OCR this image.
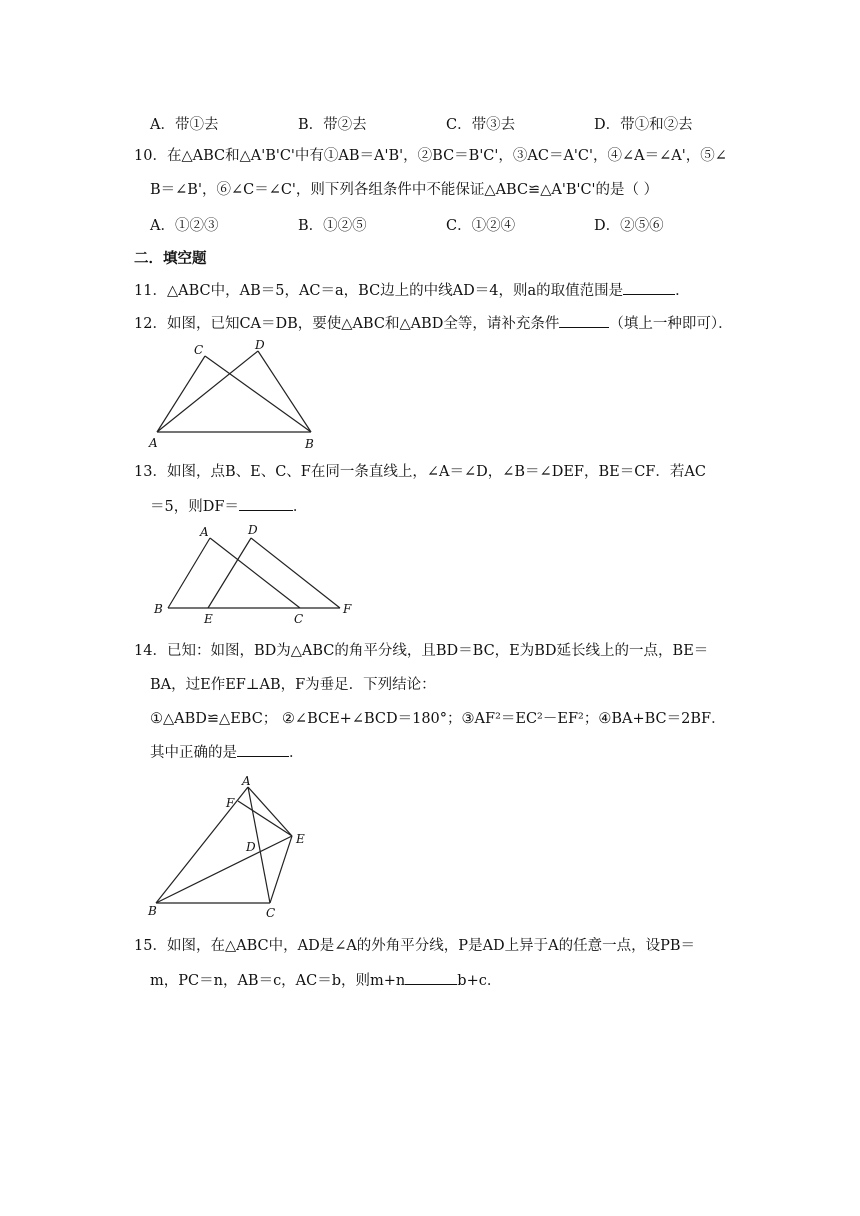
A．带①去	B．带②去	C．带③去	D．带①和②去
10．在△ABC和△A'B'C'中有①AB＝A'B'，②BC＝B'C'，③AC＝A'C'，④∠A＝∠A'，⑤∠
B＝∠B'，⑥∠C＝∠C'，则下列各组条件中不能保证△ABC≌△A'B'C'的是（ ）
A．①②③	B．①②⑤	C．①②④	D．②⑤⑥
二．填空题
11．△ABC中，AB＝5，AC＝a，BC边上的中线AD＝4，则a的取值范围是	．
12．如图，已知CA＝DB，要使△ABC和△ABD全等，请补充条件	（填上一种即可）．
C	D
A	B
13．如图，点B、E、C、F在同一条直线上，∠A＝∠D，∠B＝∠DEF，BE＝CF．若AC
＝5，则DF＝	．
A	D
B
E	C
F
14．已知：如图，BD为△ABC的角平分线，且BD＝BC，E为BD延长线上的一点，BE＝
BA，过E作EF⊥AB，F为垂足．下列结论：
①△ABD≌△EBC； ②∠BCE+∠BCD＝180°；③AF²＝EC²－EF²；④BA+BC＝2BF．
其中正确的是	．
A
F
E
D
B	C
15．如图，在△ABC中，AD是∠A的外角平分线，P是AD上异于A的任意一点，设PB＝
m，PC＝n，AB＝c，AC＝b，则m+n	b+c．
